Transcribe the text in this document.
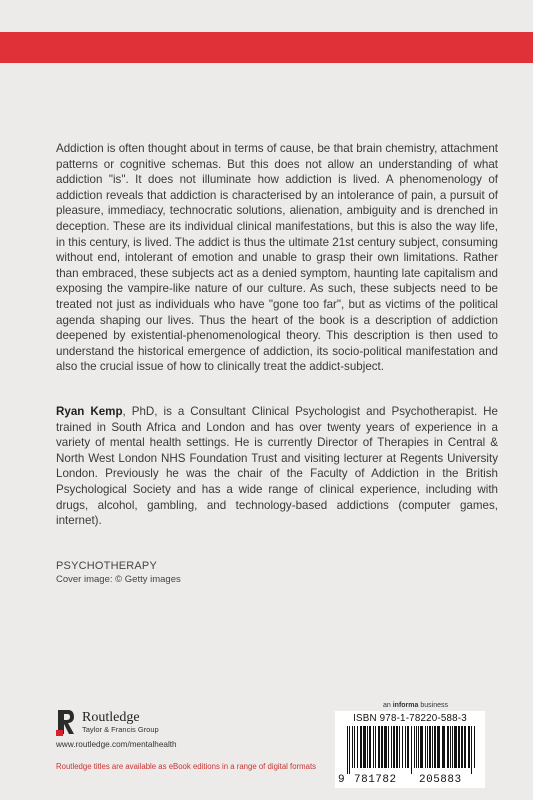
Addiction is often thought about in terms of cause, be that brain chemistry, attachment patterns or cognitive schemas. But this does not allow an understanding of what addiction "is". It does not illuminate how addiction is lived. A phenomenology of addiction reveals that addiction is characterised by an intolerance of pain, a pursuit of pleasure, immediacy, technocratic solutions, alienation, ambiguity and is drenched in deception. These are its individual clinical manifestations, but this is also the way life, in this century, is lived. The addict is thus the ultimate 21st century subject, consuming without end, intolerant of emotion and unable to grasp their own limitations. Rather than embraced, these subjects act as a denied symptom, haunting late capitalism and exposing the vampire-like nature of our culture. As such, these subjects need to be treated not just as individuals who have "gone too far", but as victims of the political agenda shaping our lives. Thus the heart of the book is a description of addiction deepened by existential-phenomenological theory. This description is then used to understand the historical emergence of addiction, its socio-political manifestation and also the crucial issue of how to clinically treat the addict-subject.

Ryan Kemp, PhD, is a Consultant Clinical Psychologist and Psychotherapist. He trained in South Africa and London and has over twenty years of experience in a variety of mental health settings. He is currently Director of Therapies in Central & North West London NHS Foundation Trust and visiting lecturer at Regents University London. Previously he was the chair of the Faculty of Addiction in the British Psychological Society and has a wide range of clinical experience, including with drugs, alcohol, gambling, and technology-based addictions (computer games, internet).

PSYCHOTHERAPY
Cover image: © Getty images
Routledge
Taylor & Francis Group
www.routledge.com/mentalhealth
Routledge titles are available as eBook editions in a range of digital formats
an informa business
ISBN 978-1-78220-588-3
9 781782 205883
